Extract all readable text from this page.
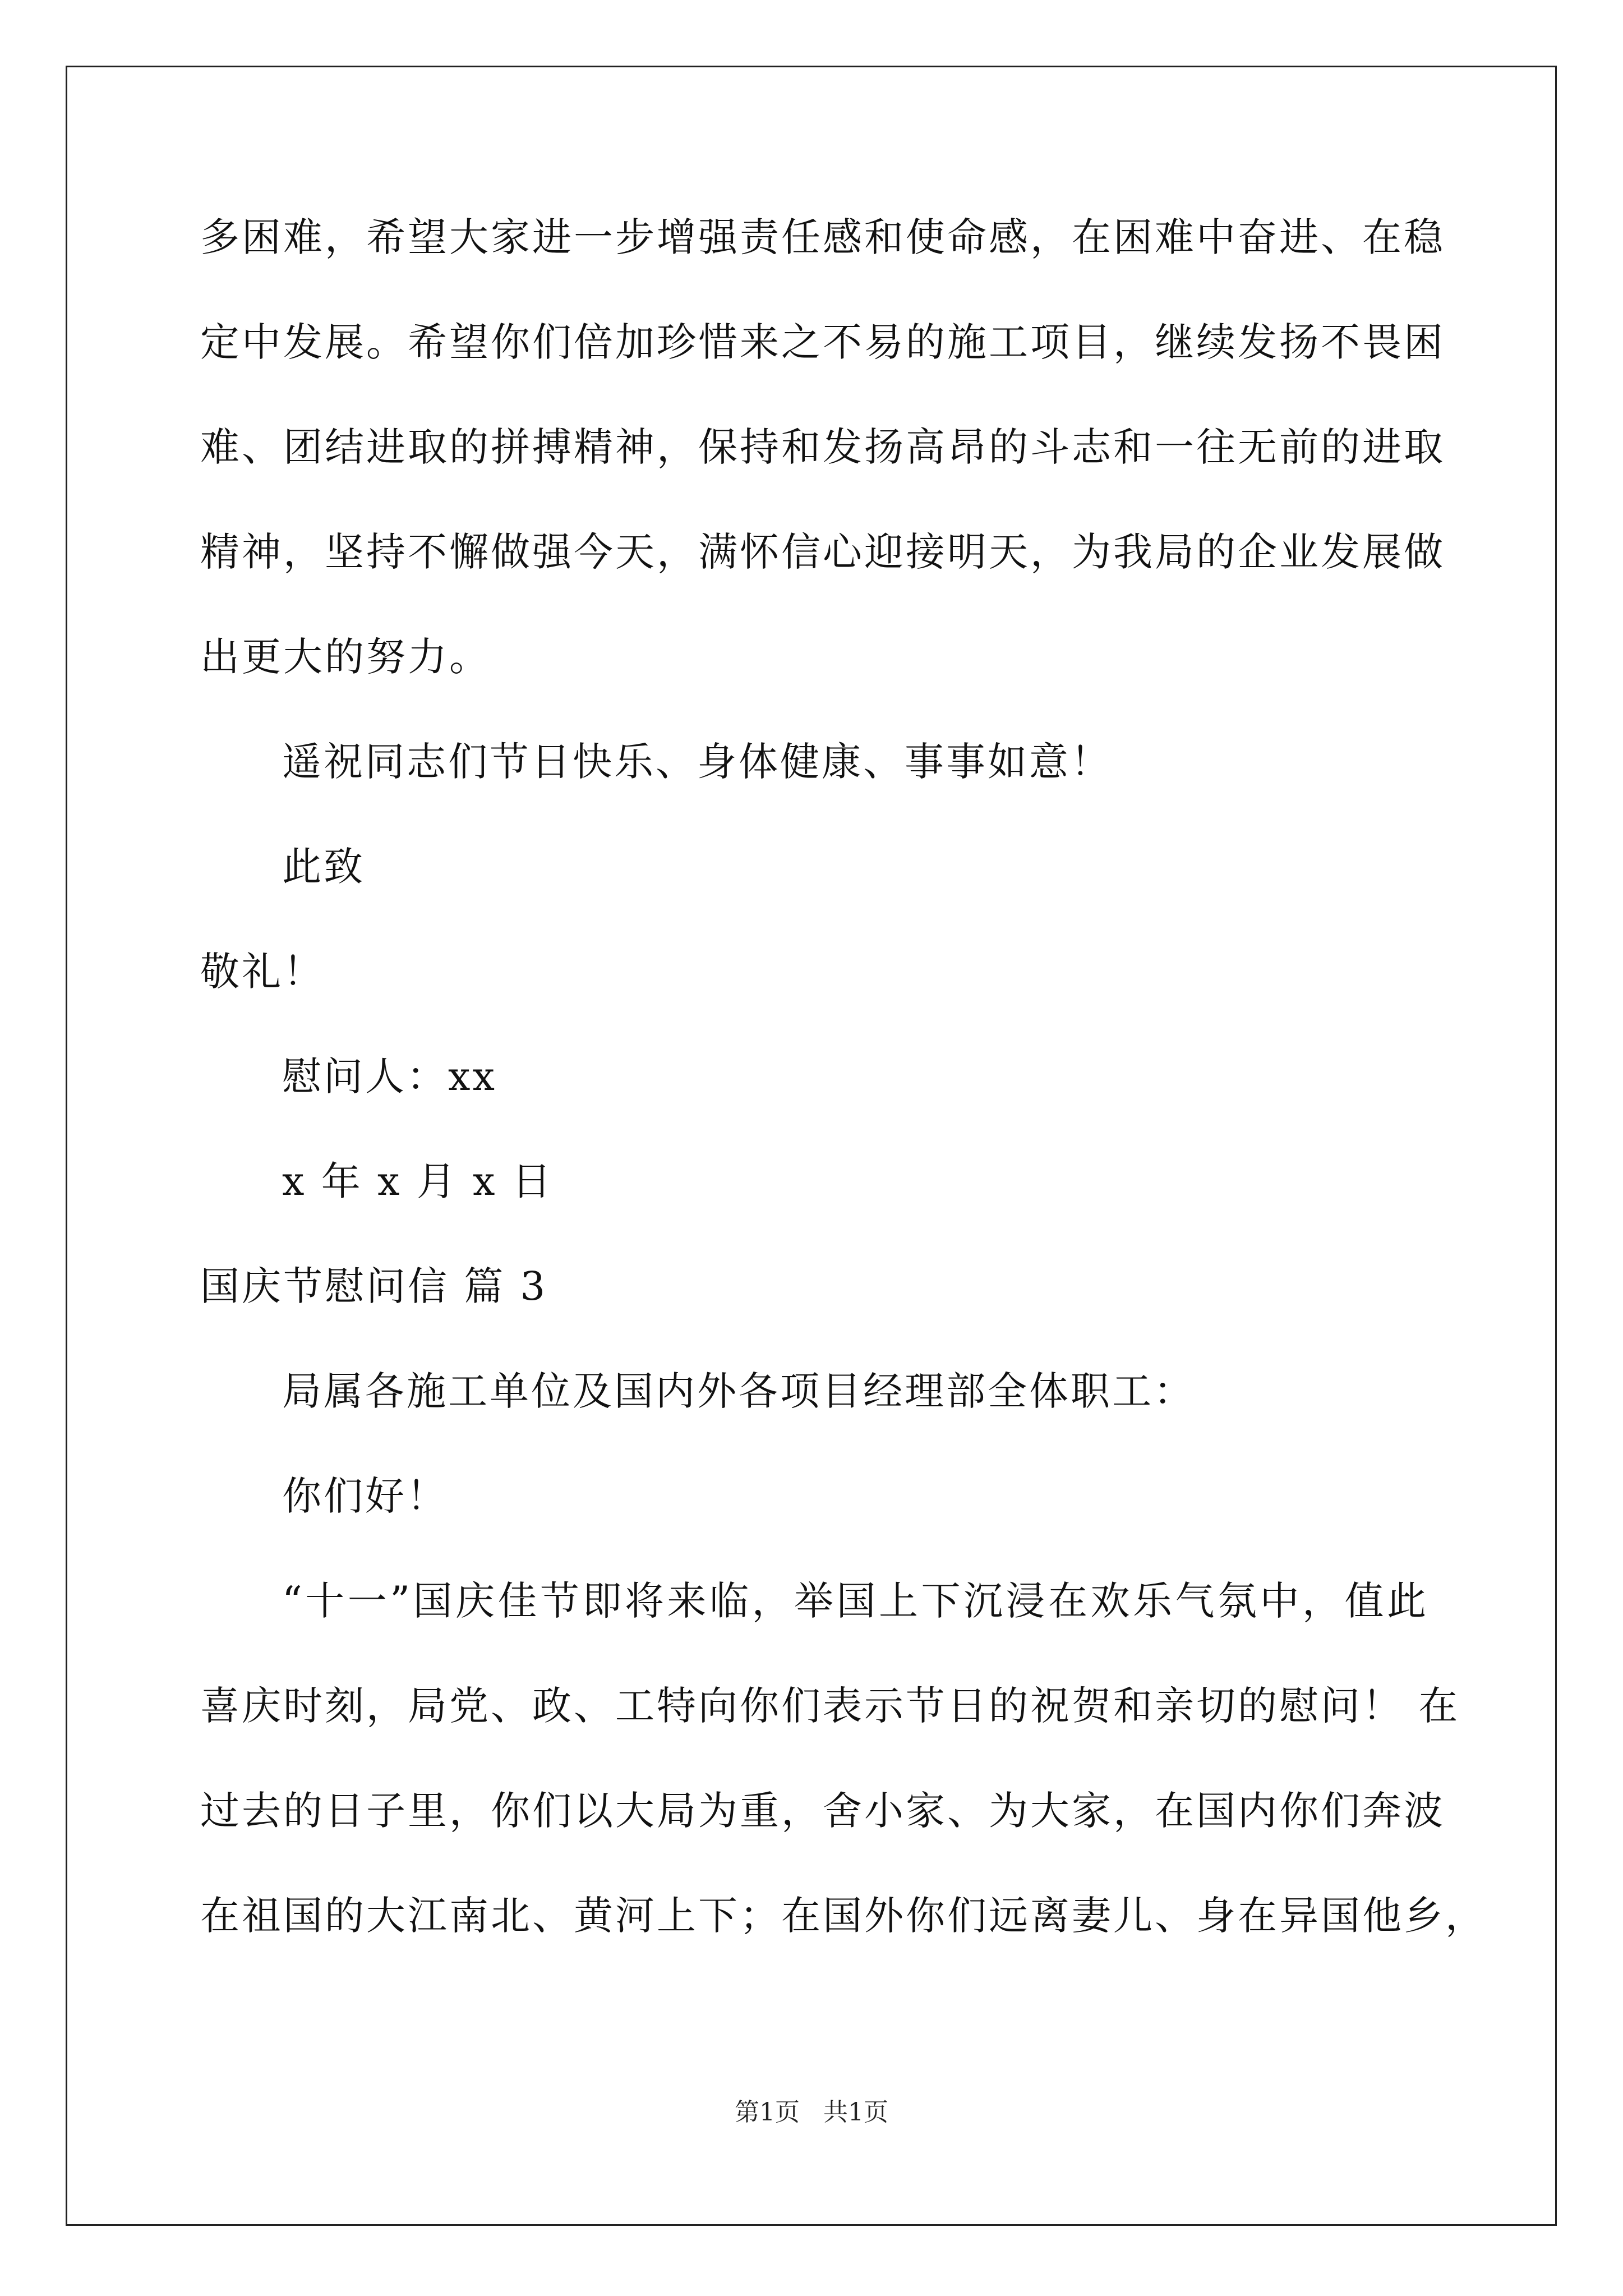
多困难，希望大家进一步增强责任感和使命感，在困难中奋进、在稳
定中发展。希望你们倍加珍惜来之不易的施工项目，继续发扬不畏困
难、团结进取的拼搏精神，保持和发扬高昂的斗志和一往无前的进取
精神，坚持不懈做强今天，满怀信心迎接明天，为我局的企业发展做
出更大的努力。
遥祝同志们节日快乐、身体健康、事事如意！
此致
敬礼！
慰问人：xx
x 年 x 月 x 日
国庆节慰问信 篇 3
局属各施工单位及国内外各项目经理部全体职工：
你们好！
“十一”国庆佳节即将来临，举国上下沉浸在欢乐气氛中，值此
喜庆时刻，局党、政、工特向你们表示节日的祝贺和亲切的慰问！ 在
过去的日子里，你们以大局为重，舍小家、为大家，在国内你们奔波
在祖国的大江南北、黄河上下；在国外你们远离妻儿、身在异国他乡，
第1页   共1页
